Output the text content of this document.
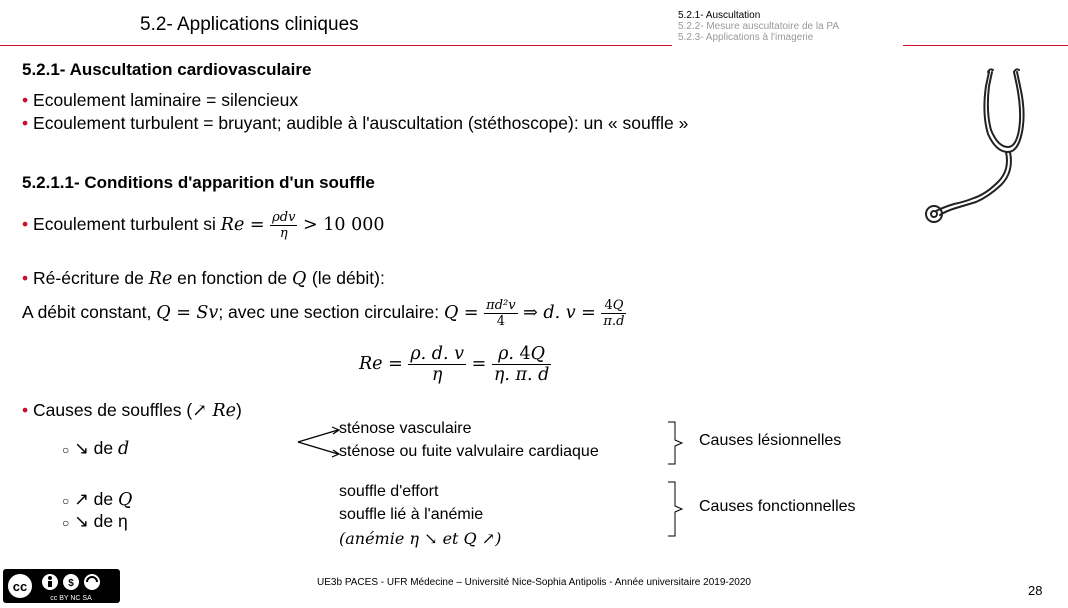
5.2- Applications cliniques	5.2.1- Auscultation
5.2.2- Mesure auscultatoire de la PA
5.2.3- Applications à l'imagerie
5.2.1- Auscultation cardiovasculaire
• Ecoulement laminaire = silencieux
• Ecoulement turbulent = bruyant; audible à l'auscultation (stéthoscope): un « souffle »
5.2.1.1- Conditions d'apparition d'un souffle
• Ecoulement turbulent si $Re = \frac{\text{ρdv}}{\eta} > 10$ 000
• Ré-écriture de Re en fonction de Q (le débit):
A débit constant, Q = Sv; avec une section circulaire: $Q = \frac{\text{πd²v}}{4}$ ⇒ d. $v = \frac{4Q}{\pi.d}$
$Re = \frac{\rho. d. v}{\eta} = \frac{\rho. 4Q}{\eta. \pi. d}$
• Causes de souffles (↗ Re)
○ ↘ de d
sténose vasculaire
sténose ou fuite valvulaire cardiaque
Causes lésionnelles
○ ↗ de Q
○ ↘ de η
souffle d'effort
souffle lié à l'anémie
(anémie η ↘ et Q ↗)
Causes fonctionnelles
cc	$
cc BY NC SA
UE3b PACES - UFR Médecine – Université Nice-Sophia Antipolis - Année universitaire 2019-2020
28
